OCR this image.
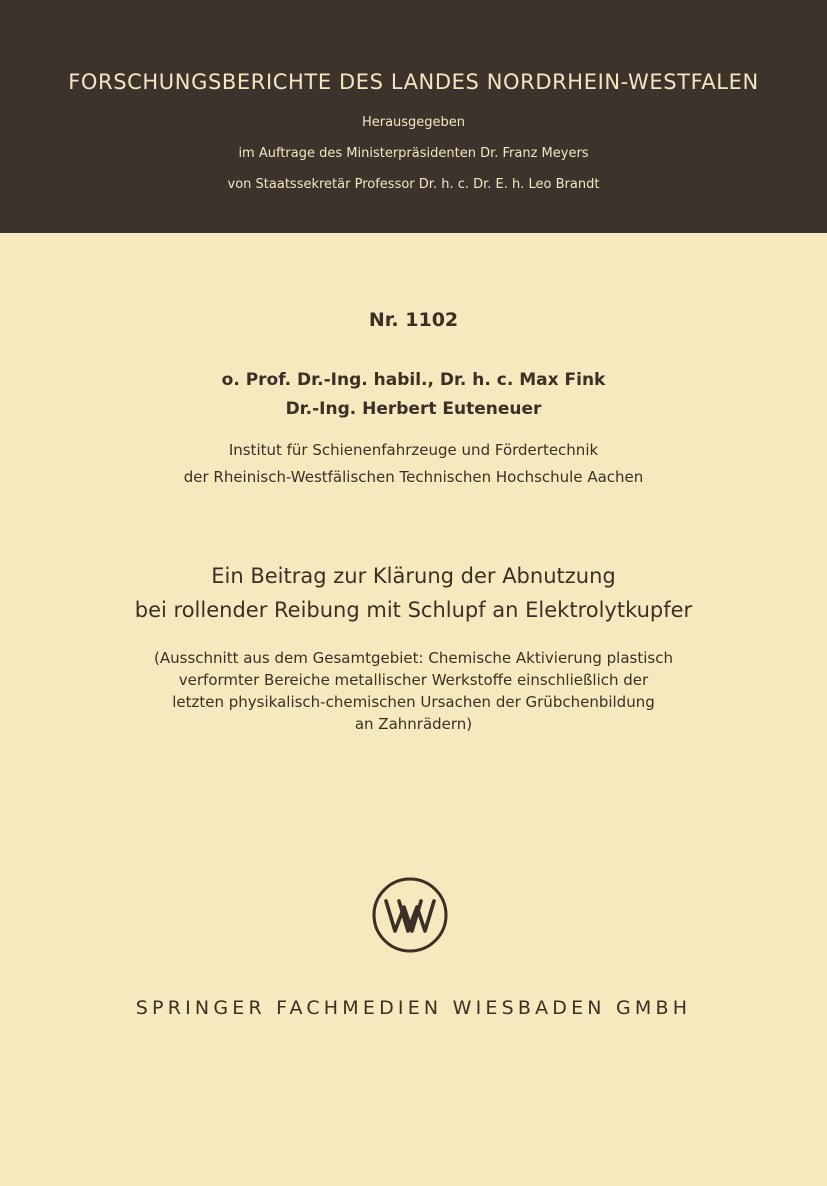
FORSCHUNGSBERICHTE DES LANDES NORDRHEIN-WESTFALEN
Herausgegeben
im Auftrage des Ministerpräsidenten Dr. Franz Meyers
von Staatssekretär Professor Dr. h. c. Dr. E. h. Leo Brandt
Nr. 1102
o. Prof. Dr.-Ing. habil., Dr. h. c. Max Fink
Dr.-Ing. Herbert Euteneuer
Institut für Schienenfahrzeuge und Fördertechnik
der Rheinisch-Westfälischen Technischen Hochschule Aachen
Ein Beitrag zur Klärung der Abnutzung
bei rollender Reibung mit Schlupf an Elektrolytkupfer
(Ausschnitt aus dem Gesamtgebiet: Chemische Aktivierung plastisch
verformter Bereiche metallischer Werkstoffe einschließlich der
letzten physikalisch-chemischen Ursachen der Grübchenbildung
an Zahnrädern)
SPRINGER FACHMEDIEN WIESBADEN GMBH
